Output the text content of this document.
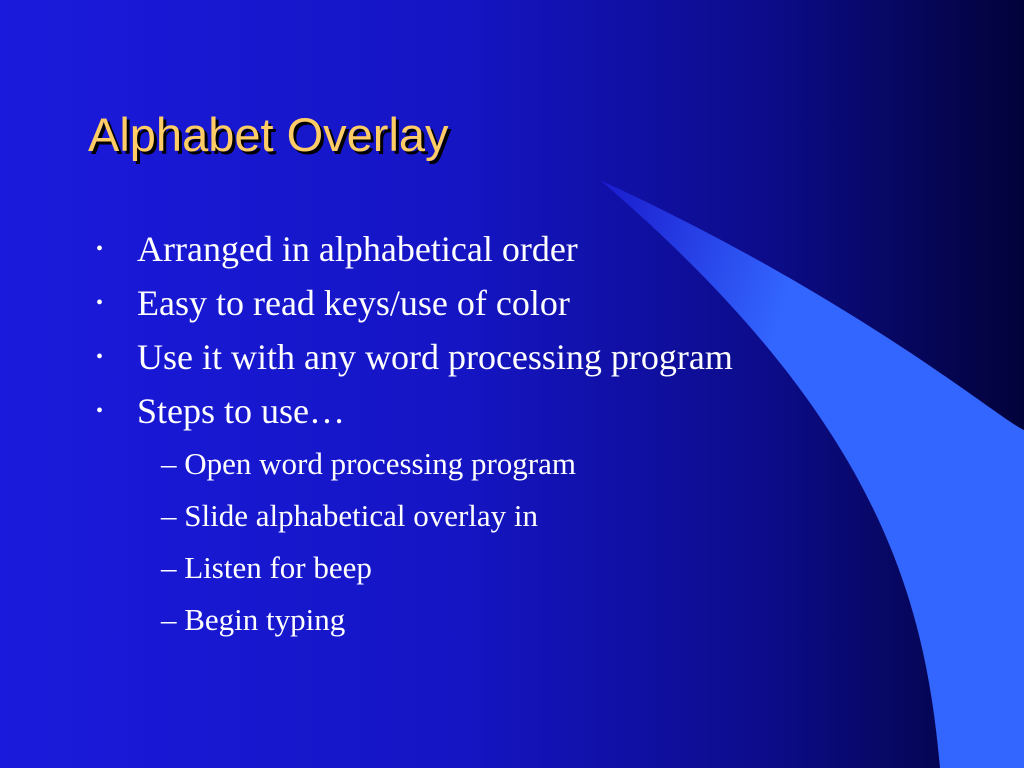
Alphabet Overlay
• Arranged in alphabetical order
• Easy to read keys/use of color
• Use it with any word processing program
• Steps to use…
– Open word processing program
– Slide alphabetical overlay in
– Listen for beep
– Begin typing
